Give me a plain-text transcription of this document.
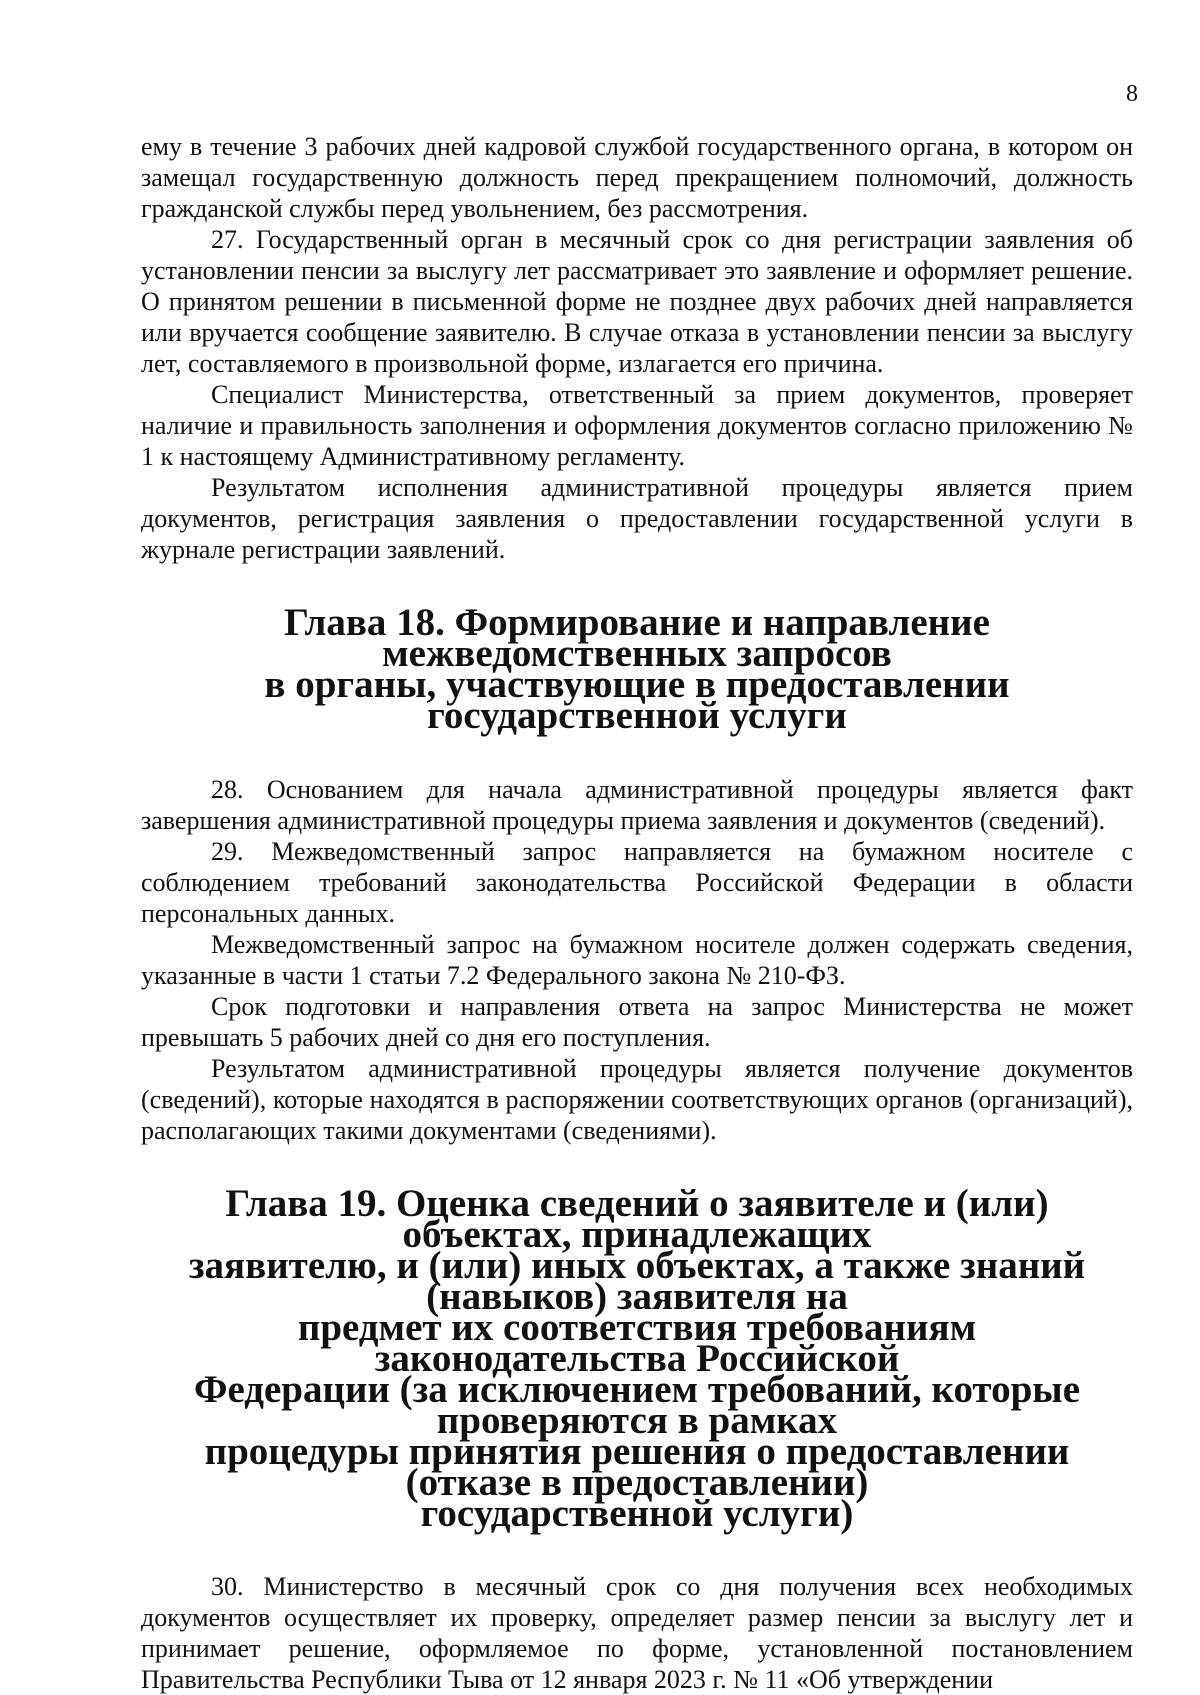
8

ему в течение 3 рабочих дней кадровой службой государственного органа, в котором он замещал государственную должность перед прекращением полномочий, должность гражданской службы перед увольнением, без рассмотрения.

27. Государственный орган в месячный срок со дня регистрации заявления об установлении пенсии за выслугу лет рассматривает это заявление и оформляет решение. О принятом решении в письменной форме не позднее двух рабочих дней направляется или вручается сообщение заявителю. В случае отказа в установлении пенсии за выслугу лет, составляемого в произвольной форме, излагается его причина.

Специалист Министерства, ответственный за прием документов, проверяет наличие и правильность заполнения и оформления документов согласно приложению № 1 к настоящему Административному регламенту.

Результатом исполнения административной процедуры является прием документов, регистрация заявления о предоставлении государственной услуги в журнале регистрации заявлений.

Глава 18. Формирование и направление межведомственных запросов
в органы, участвующие в предоставлении
государственной услуги

28. Основанием для начала административной процедуры является факт завершения административной процедуры приема заявления и документов (сведений).

29. Межведомственный запрос направляется на бумажном носителе с соблюдением требований законодательства Российской Федерации в области персональных данных.

Межведомственный запрос на бумажном носителе должен содержать сведения, указанные в части 1 статьи 7.2 Федерального закона № 210-ФЗ.

Срок подготовки и направления ответа на запрос Министерства не может превышать 5 рабочих дней со дня его поступления.

Результатом административной процедуры является получение документов (сведений), которые находятся в распоряжении соответствующих органов (организаций), располагающих такими документами (сведениями).

Глава 19. Оценка сведений о заявителе и (или) объектах, принадлежащих
заявителю, и (или) иных объектах, а также знаний (навыков) заявителя на
предмет их соответствия требованиям законодательства Российской
Федерации (за исключением требований, которые проверяются в рамках
процедуры принятия решения о предоставлении (отказе в предоставлении)
государственной услуги)

30. Министерство в месячный срок со дня получения всех необходимых документов осуществляет их проверку, определяет размер пенсии за выслугу лет и принимает решение, оформляемое по форме, установленной постановлением Правительства Республики Тыва от 12 января 2023 г. № 11 «Об утверждении
